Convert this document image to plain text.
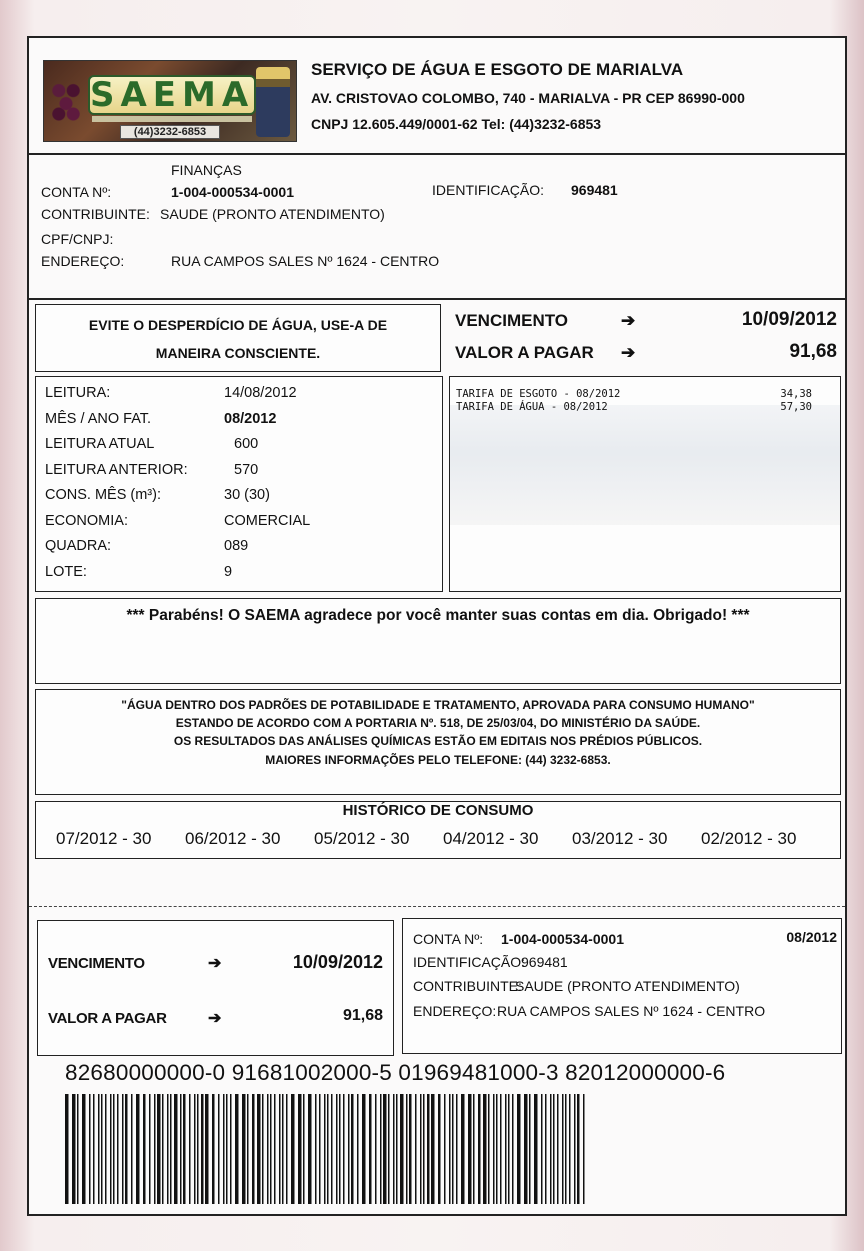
SAEMA
(44)3232-6853
SERVIÇO DE ÁGUA E ESGOTO DE MARIALVA
AV. CRISTOVAO COLOMBO, 740 - MARIALVA - PR CEP 86990-000
CNPJ 12.605.449/0001-62 Tel: (44)3232-6853
FINANÇAS
CONTA Nº:	1-004-000534-0001	IDENTIFICAÇÃO: 969481
CONTRIBUINTE: SAUDE (PRONTO ATENDIMENTO)
CPF/CNPJ:
ENDEREÇO:	RUA CAMPOS SALES Nº 1624 - CENTRO
EVITE O DESPERDÍCIO DE ÁGUA, USE-A DE
MANEIRA CONSCIENTE.
VENCIMENTO	➔	10/09/2012
VALOR A PAGAR ➔	91,68
LEITURA:	14/08/2012
MÊS / ANO FAT.	08/2012
LEITURA ATUAL	600
LEITURA ANTERIOR:	570
CONS. MÊS (m³):	30 (30)
ECONOMIA:	COMERCIAL
QUADRA:	089
LOTE:	9
TARIFA DE ESGOTO - 08/2012	34,38
TARIFA DE ÁGUA - 08/2012	57,30
*** Parabéns! O SAEMA agradece por você manter suas contas em dia. Obrigado! ***
"ÁGUA DENTRO DOS PADRÕES DE POTABILIDADE E TRATAMENTO, APROVADA PARA CONSUMO HUMANO"
ESTANDO DE ACORDO COM A PORTARIA Nº. 518, DE 25/03/04, DO MINISTÉRIO DA SAÚDE.
OS RESULTADOS DAS ANÁLISES QUÍMICAS ESTÃO EM EDITAIS NOS PRÉDIOS PÚBLICOS.
MAIORES INFORMAÇÕES PELO TELEFONE: (44) 3232-6853.
HISTÓRICO DE CONSUMO
07/2012 - 30 06/2012 - 30 05/2012 - 30 04/2012 - 30 03/2012 - 30 02/2012 - 30
VENCIMENTO	➔	10/09/2012
VALOR A PAGAR	➔	91,68
CONTA Nº: 1-004-000534-0001	08/2012
IDENTIFICAÇÃO:
969481
CONTRIBUINTE:
SAUDE (PRONTO ATENDIMENTO)
ENDEREÇO: RUA CAMPOS SALES Nº 1624 - CENTRO
82680000000-0 91681002000-5 01969481000-3 82012000000-6
